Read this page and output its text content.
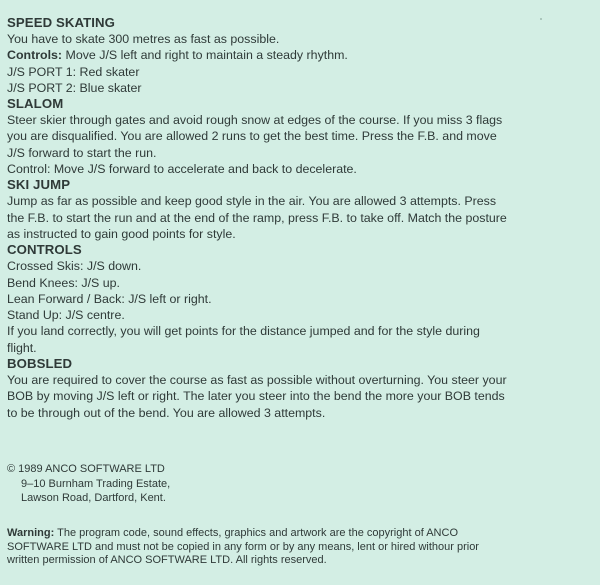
SPEED SKATING

You have to skate 300 metres as fast as possible.

Controls: Move J/S left and right to maintain a steady rhythm.

J/S PORT 1: Red skater

J/S PORT 2: Blue skater

SLALOM

Steer skier through gates and avoid rough snow at edges of the course. If you miss 3 flags

you are disqualified. You are allowed 2 runs to get the best time. Press the F.B. and move

J/S forward to start the run.

Control: Move J/S forward to accelerate and back to decelerate.

SKI JUMP

Jump as far as possible and keep good style in the air. You are allowed 3 attempts. Press

the F.B. to start the run and at the end of the ramp, press F.B. to take off. Match the posture

as instructed to gain good points for style.

CONTROLS

Crossed Skis: J/S down.

Bend Knees: J/S up.

Lean Forward / Back: J/S left or right.

Stand Up: J/S centre.

If you land correctly, you will get points for the distance jumped and for the style during

flight.

BOBSLED

You are required to cover the course as fast as possible without overturning. You steer your

BOB by moving J/S left or right. The later you steer into the bend the more your BOB tends

to be through out of the bend. You are allowed 3 attempts.

© 1989 ANCO SOFTWARE LTD

9–10 Burnham Trading Estate,

Lawson Road, Dartford, Kent.

Warning: The program code, sound effects, graphics and artwork are the copyright of ANCO

SOFTWARE LTD and must not be copied in any form or by any means, lent or hired withour prior

written permission of ANCO SOFTWARE LTD. All rights reserved.
